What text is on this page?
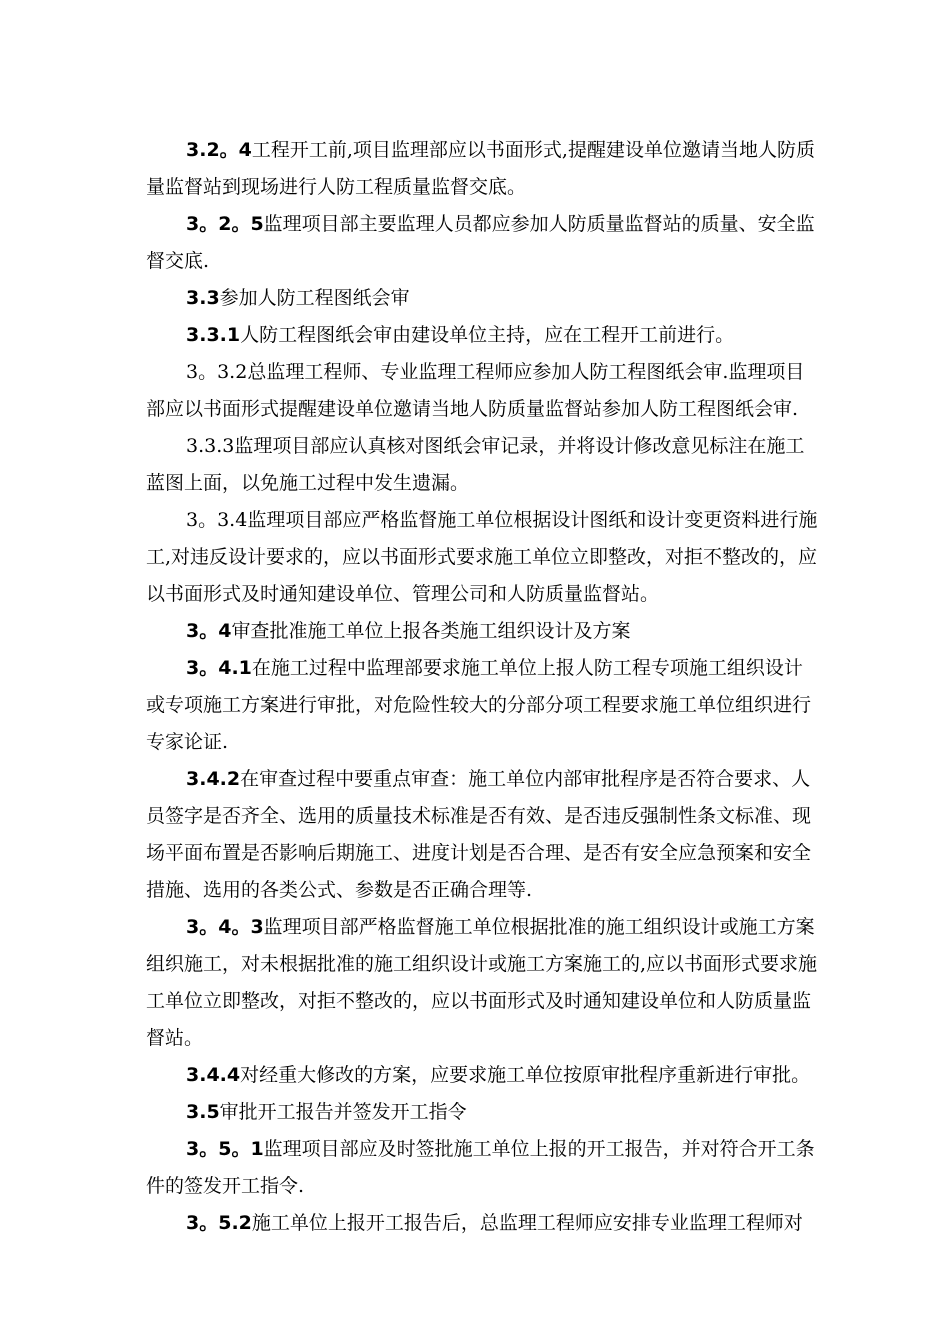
3.2。4工程开工前,项目监理部应以书面形式,提醒建设单位邀请当地人防质量监督站到现场进行人防工程质量监督交底。

3。2。5监理项目部主要监理人员都应参加人防质量监督站的质量、安全监督交底.

3.3参加人防工程图纸会审

3.3.1人防工程图纸会审由建设单位主持，应在工程开工前进行。

3。3.2总监理工程师、专业监理工程师应参加人防工程图纸会审.监理项目部应以书面形式提醒建设单位邀请当地人防质量监督站参加人防工程图纸会审.

3.3.3监理项目部应认真核对图纸会审记录，并将设计修改意见标注在施工蓝图上面，以免施工过程中发生遗漏。

3。3.4监理项目部应严格监督施工单位根据设计图纸和设计变更资料进行施工,对违反设计要求的，应以书面形式要求施工单位立即整改，对拒不整改的，应以书面形式及时通知建设单位、管理公司和人防质量监督站。

3。4审查批准施工单位上报各类施工组织设计及方案

3。4.1在施工过程中监理部要求施工单位上报人防工程专项施工组织设计或专项施工方案进行审批，对危险性较大的分部分项工程要求施工单位组织进行专家论证.

3.4.2在审查过程中要重点审查：施工单位内部审批程序是否符合要求、人员签字是否齐全、选用的质量技术标准是否有效、是否违反强制性条文标准、现场平面布置是否影响后期施工、进度计划是否合理、是否有安全应急预案和安全措施、选用的各类公式、参数是否正确合理等.

3。4。3监理项目部严格监督施工单位根据批准的施工组织设计或施工方案组织施工，对未根据批准的施工组织设计或施工方案施工的,应以书面形式要求施工单位立即整改，对拒不整改的，应以书面形式及时通知建设单位和人防质量监督站。

3.4.4对经重大修改的方案，应要求施工单位按原审批程序重新进行审批。

3.5审批开工报告并签发开工指令

3。5。1监理项目部应及时签批施工单位上报的开工报告，并对符合开工条件的签发开工指令.

3。5.2施工单位上报开工报告后，总监理工程师应安排专业监理工程师对
